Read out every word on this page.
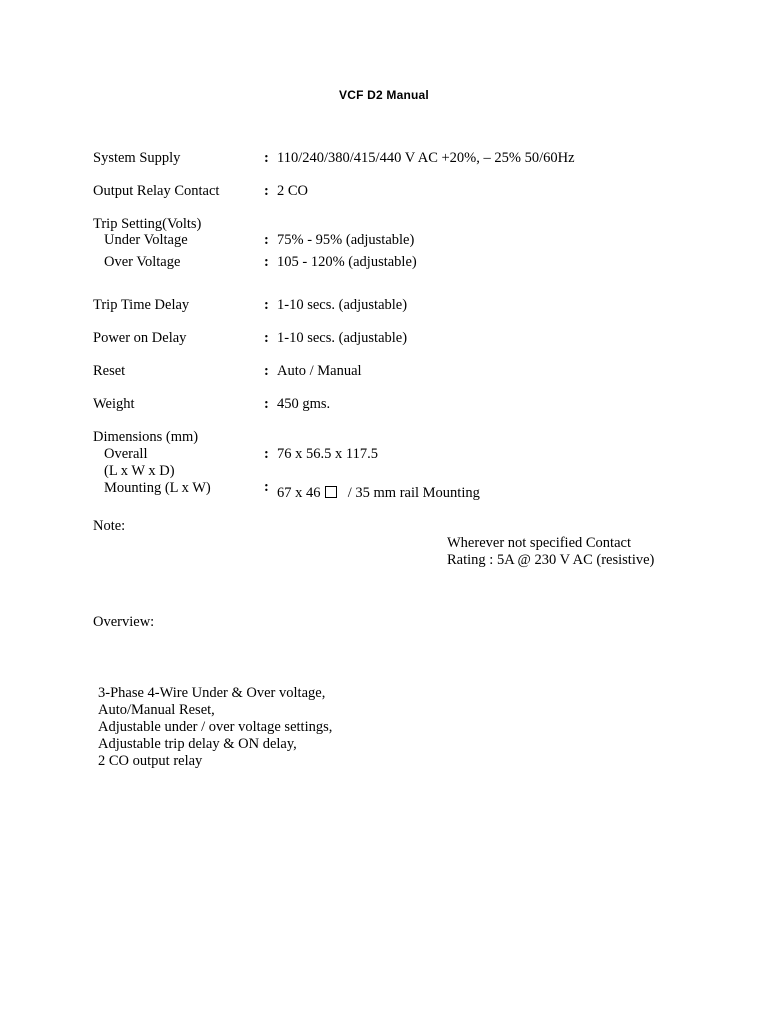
VCF D2 Manual
System Supply	: 110/240/380/415/440 V AC +20%, – 25% 50/60Hz
Output Relay Contact	: 2 CO
Trip Setting(Volts)
Under Voltage	: 75% - 95% (adjustable)
Over Voltage	: 105 - 120% (adjustable)
Trip Time Delay	: 1-10 secs. (adjustable)
Power on Delay	: 1-10 secs. (adjustable)
Reset	: Auto / Manual
Weight	: 450 gms.
Dimensions (mm)
Overall	: 76 x 56.5 x 117.5
(L x W x D)
Mounting (L x W)	: 67 x 46 / 35 mm rail Mounting
Note:
Wherever not specified Contact Rating : 5A @ 230 V AC (resistive)
Overview:
3-Phase 4-Wire Under & Over voltage,
Auto/Manual Reset,
Adjustable under / over voltage settings,
Adjustable trip delay & ON delay,
2 CO output relay
